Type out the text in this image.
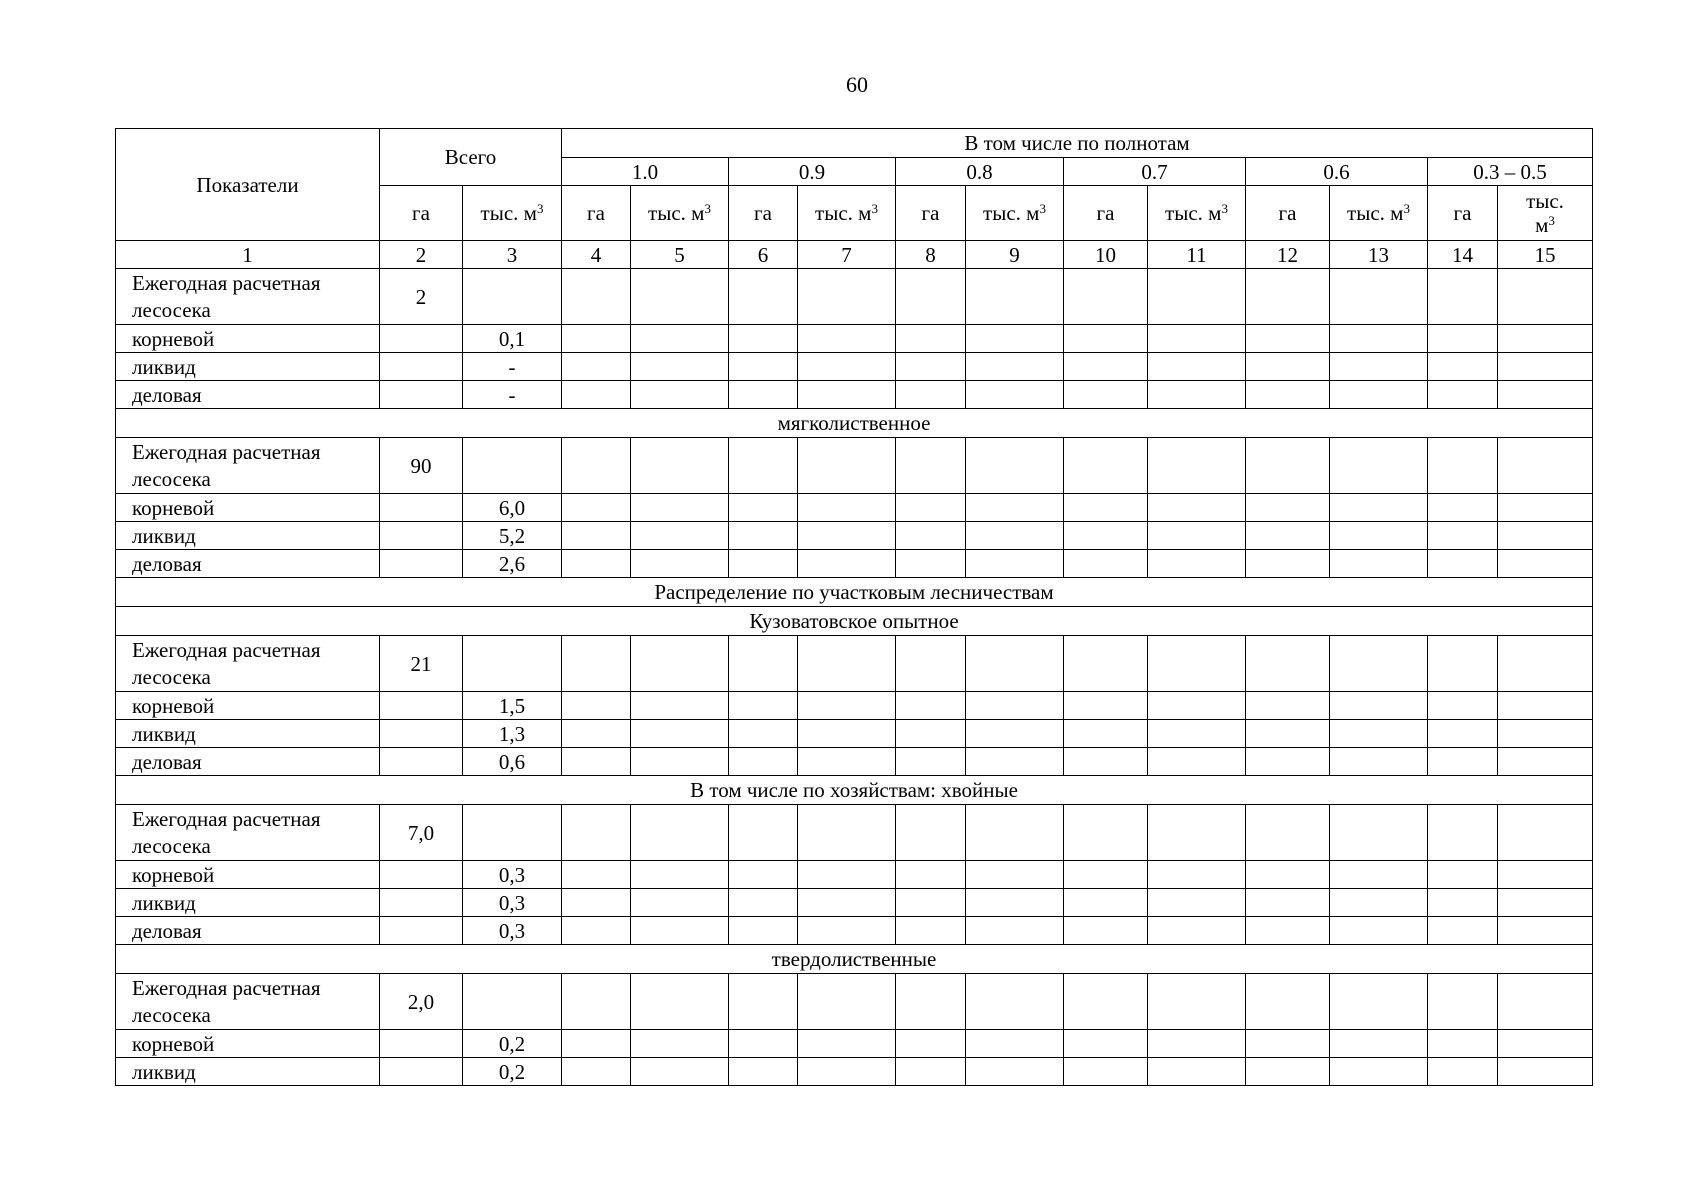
60
Показатели	Всего		В том числе по полнотам											
			1.0		0.9		0.8		0.7		0.6		0.3 – 0.5	
	га	тыс. $м^3$	га	тыс. $м^3$	га	тыс. $м^3$	га	тыс. $м^3$	га	тыс. $м^3$	га	тыс. $м^3$	га	тыс.
$м^3$

1	2	3	4	5	6	7	8	9	10	11	12	13	14	15
Ежегодная расчетная лесосека	2													
корневой		0,1												
ликвид		-												
деловая		-												
мягколиственное														
Ежегодная расчетная лесосека	90													
корневой		6,0												
ликвид		5,2												
деловая		2,6												
Распределение по участковым лесничествам														
Кузоватовское опытное														
Ежегодная расчетная лесосека	21													
корневой		1,5												
ликвид		1,3												
деловая		0,6												
В том числе по хозяйствам: хвойные														
Ежегодная расчетная лесосека	7,0													
корневой		0,3												
ликвид		0,3												
деловая		0,3												
твердолиственные														
Ежегодная расчетная лесосека	2,0													
корневой		0,2												
ликвид		0,2												
